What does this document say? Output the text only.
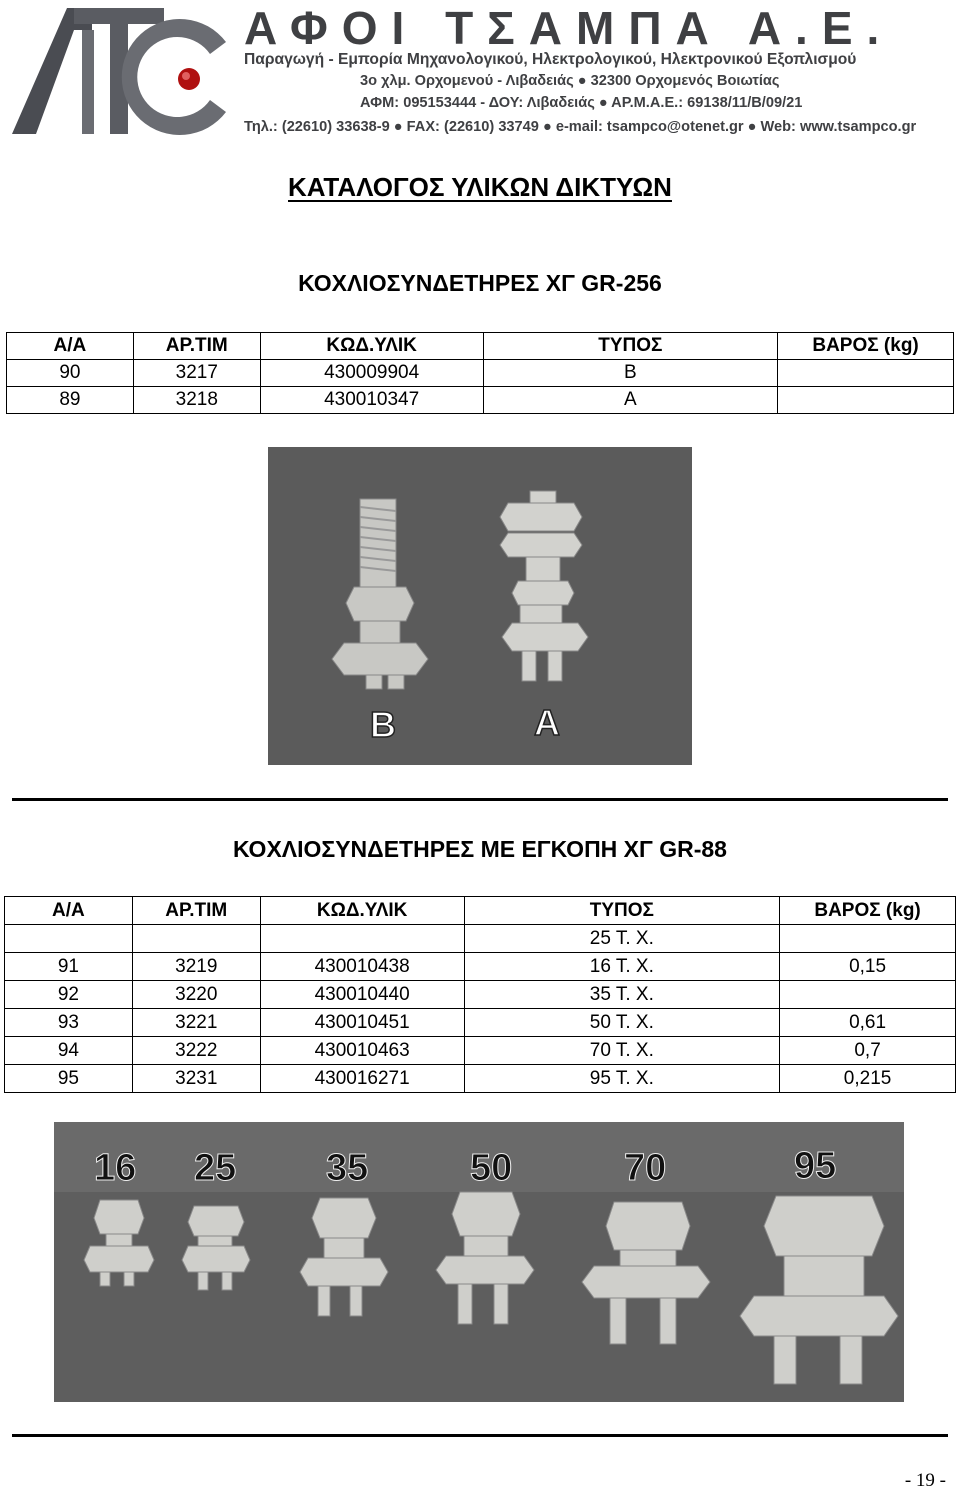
ΑΦΟΙ ΤΣΑΜΠΑ Α.Ε.
Παραγωγή - Εμπορία Μηχανολογικού, Ηλεκτρολογικού, Ηλεκτρονικού Εξοπλισμού
3ο χλμ. Ορχομενού - Λιβαδειάς ● 32300 Ορχομενός Βοιωτίας
ΑΦΜ: 095153444 - ΔΟΥ: Λιβαδειάς ● ΑΡ.Μ.Α.Ε.: 69138/11/Β/09/21
Τηλ.: (22610) 33638-9 ● FAX: (22610) 33749 ● e-mail: tsampco@otenet.gr ● Web: www.tsampco.gr
ΚΑΤΑΛΟΓΟΣ ΥΛΙΚΩΝ ΔΙΚΤΥΩΝ
ΚΟΧΛΙΟΣΥΝΔΕΤΗΡΕΣ ΧΓ GR-256
Α/Α	ΑΡ.ΤΙΜ	ΚΩΔ.ΥΛΙΚ	ΤΥΠΟΣ	ΒΑΡΟΣ (kg)
90	3217	430009904	B	
89	3218	430010347	A	
B	A
ΚΟΧΛΙΟΣΥΝΔΕΤΗΡΕΣ ΜΕ ΕΓΚΟΠΗ ΧΓ GR-88
Α/Α	ΑΡ.ΤΙΜ	ΚΩΔ.ΥΛΙΚ	ΤΥΠΟΣ	ΒΑΡΟΣ (kg)
			25 Τ. Χ.	
91	3219	430010438	16 Τ. Χ.	0,15
92	3220	430010440	35 Τ. Χ.	
93	3221	430010451	50 Τ. Χ.	0,61
94	3222	430010463	70 Τ. Χ.	0,7
95	3231	430016271	95 Τ. Χ.	0,215
16 25 35	50	70	95
- 19 -
